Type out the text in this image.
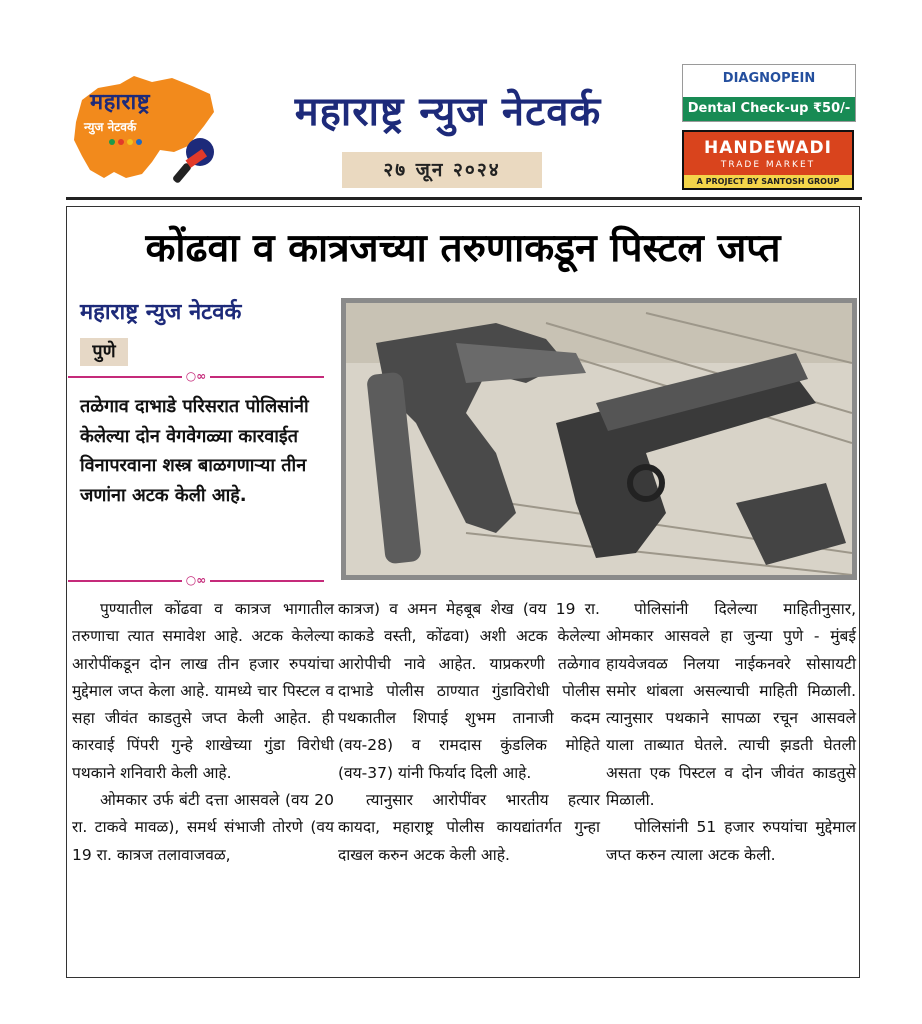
महाराष्ट्र
न्युज नेटवर्क	महाराष्ट्र न्युज नेटवर्क
२७ जून २०२४
DIAGNOPEIN
Dental Check-up ₹50/-
HANDEWADI
TRADE MARKET
A PROJECT BY SANTOSH GROUP
कोंढवा व कात्रजच्या तरुणाकडून पिस्टल जप्त
महाराष्ट्र न्युज नेटवर्क
पुणे
○∞
तळेगाव दाभाडे परिसरात पोलिसांनी केलेल्या दोन वेगवेगळ्या कारवाईत विनापरवाना शस्त्र बाळगणाऱ्या तीन जणांना अटक केली आहे.
○∞

पुण्यातील कोंढवा व कात्रज भागातील तरुणाचा त्यात समावेश आहे. अटक केलेल्या आरोपींकडून दोन लाख तीन हजार रुपयांचा मुद्देमाल जप्त केला आहे. यामध्ये चार पिस्टल व सहा जीवंत काडतुसे जप्त केली आहेत. ही कारवाई पिंपरी गुन्हे शाखेच्या गुंडा विरोधी पथकाने शनिवारी केली आहे.

ओमकार उर्फ बंटी दत्ता आसवले (वय 20 रा. टाकवे मावळ), समर्थ संभाजी तोरणे (वय 19 रा. कात्रज तलावाजवळ,

कात्रज) व अमन मेहबूब शेख (वय 19 रा. काकडे वस्ती, कोंढवा) अशी अटक केलेल्या आरोपीची नावे आहेत. याप्रकरणी तळेगाव दाभाडे पोलीस ठाण्यात गुंडाविरोधी पोलीस पथकातील शिपाई शुभम तानाजी कदम (वय-28) व रामदास कुंडलिक मोहिते (वय-37) यांनी फिर्याद दिली आहे.

त्यानुसार आरोपींवर भारतीय हत्यार कायदा, महाराष्ट्र पोलीस कायद्यांतर्गत गुन्हा दाखल करुन अटक केली आहे.

पोलिसांनी दिलेल्या माहितीनुसार, ओमकार आसवले हा जुन्या पुणे - मुंबई हायवेजवळ निलया नाईकनवरे सोसायटी समोर थांबला असल्याची माहिती मिळाली. त्यानुसार पथकाने सापळा रचून आसवले याला ताब्यात घेतले. त्याची झडती घेतली असता एक पिस्टल व दोन जीवंत काडतुसे मिळाली.

पोलिसांनी 51 हजार रुपयांचा मुद्देमाल जप्त करुन त्याला अटक केली.
